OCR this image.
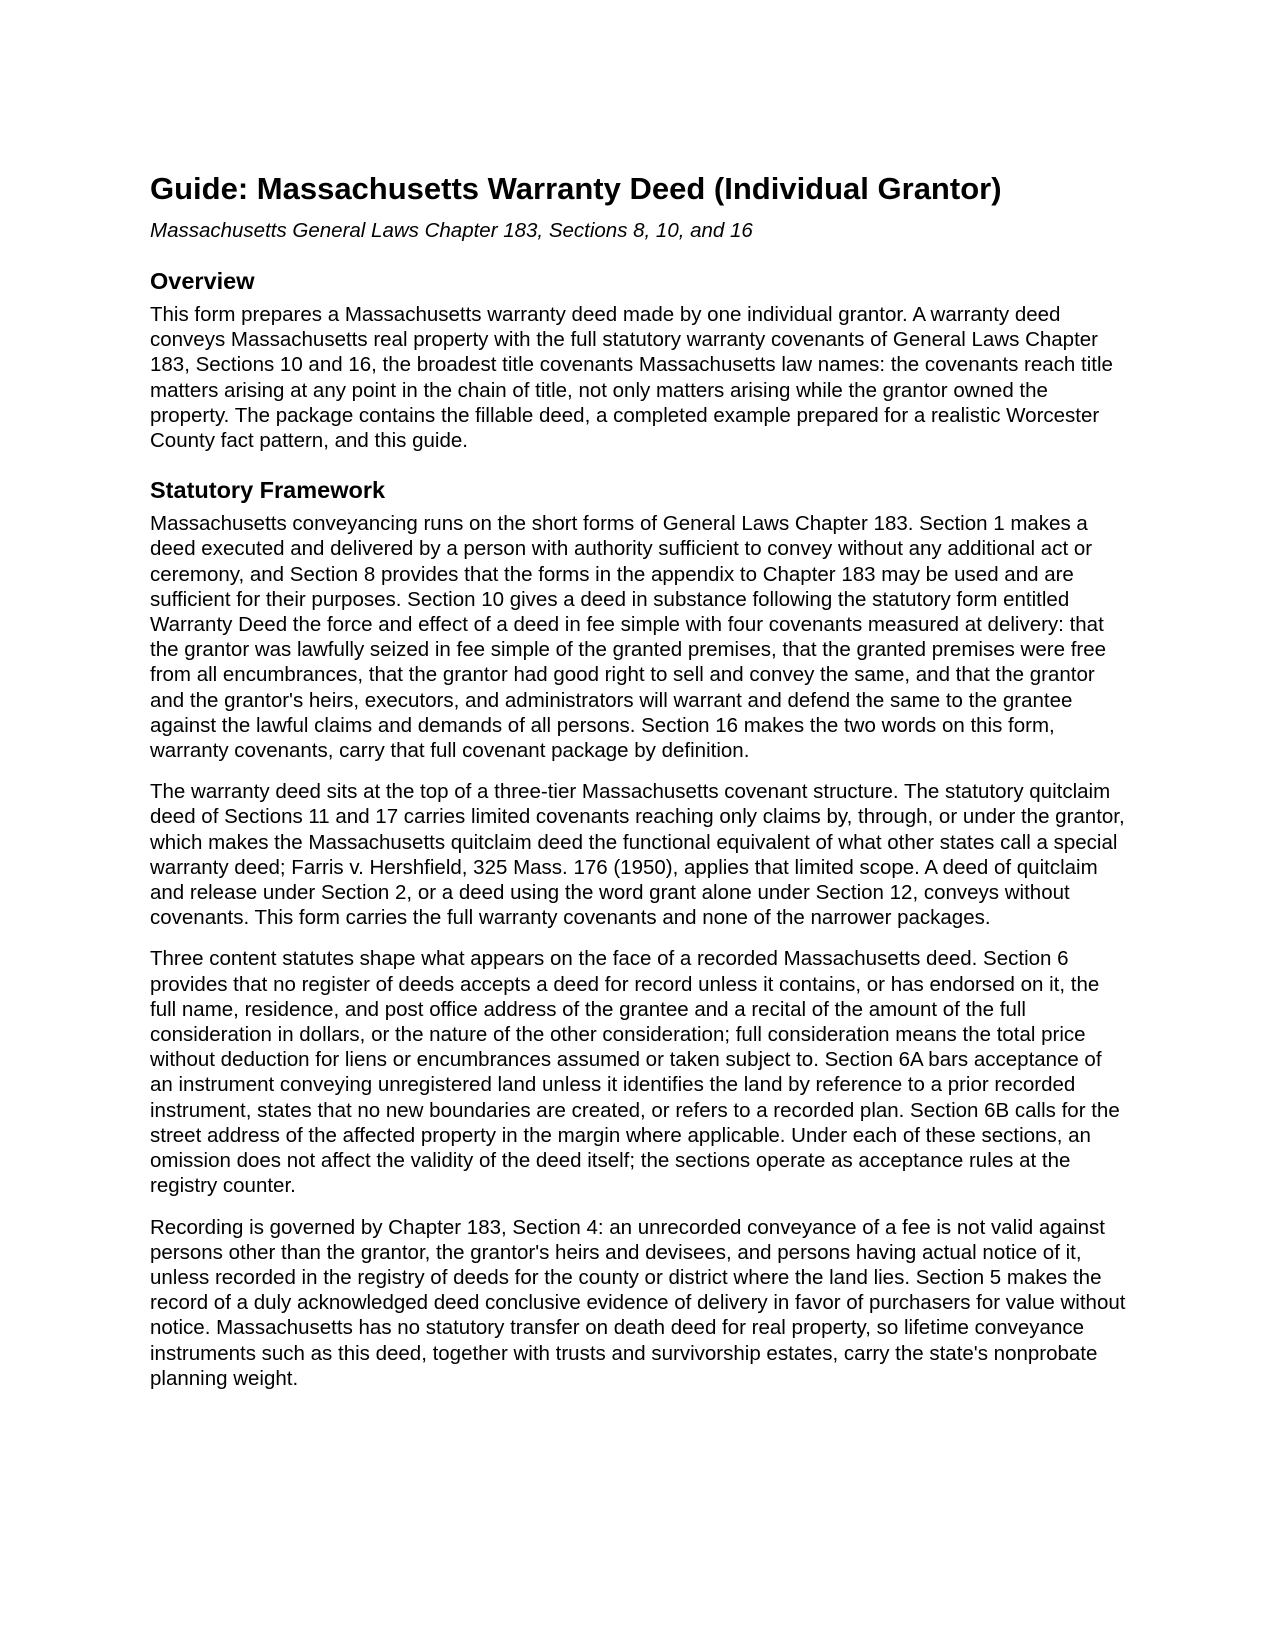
Guide: Massachusetts Warranty Deed (Individual Grantor)
Massachusetts General Laws Chapter 183, Sections 8, 10, and 16
Overview

This form prepares a Massachusetts warranty deed made by one individual grantor. A warranty deed conveys Massachusetts real property with the full statutory warranty covenants of General Laws Chapter 183, Sections 10 and 16, the broadest title covenants Massachusetts law names: the covenants reach title matters arising at any point in the chain of title, not only matters arising while the grantor owned the property. The package contains the fillable deed, a completed example prepared for a realistic Worcester County fact pattern, and this guide.

Statutory Framework

Massachusetts conveyancing runs on the short forms of General Laws Chapter 183. Section 1 makes a deed executed and delivered by a person with authority sufficient to convey without any additional act or ceremony, and Section 8 provides that the forms in the appendix to Chapter 183 may be used and are sufficient for their purposes. Section 10 gives a deed in substance following the statutory form entitled Warranty Deed the force and effect of a deed in fee simple with four covenants measured at delivery: that the grantor was lawfully seized in fee simple of the granted premises, that the granted premises were free from all encumbrances, that the grantor had good right to sell and convey the same, and that the grantor and the grantor's heirs, executors, and administrators will warrant and defend the same to the grantee against the lawful claims and demands of all persons. Section 16 makes the two words on this form, warranty covenants, carry that full covenant package by definition.

The warranty deed sits at the top of a three-tier Massachusetts covenant structure. The statutory quitclaim deed of Sections 11 and 17 carries limited covenants reaching only claims by, through, or under the grantor, which makes the Massachusetts quitclaim deed the functional equivalent of what other states call a special warranty deed; Farris v. Hershfield, 325 Mass. 176 (1950), applies that limited scope. A deed of quitclaim and release under Section 2, or a deed using the word grant alone under Section 12, conveys without covenants. This form carries the full warranty covenants and none of the narrower packages.

Three content statutes shape what appears on the face of a recorded Massachusetts deed. Section 6 provides that no register of deeds accepts a deed for record unless it contains, or has endorsed on it, the full name, residence, and post office address of the grantee and a recital of the amount of the full consideration in dollars, or the nature of the other consideration; full consideration means the total price without deduction for liens or encumbrances assumed or taken subject to. Section 6A bars acceptance of an instrument conveying unregistered land unless it identifies the land by reference to a prior recorded instrument, states that no new boundaries are created, or refers to a recorded plan. Section 6B calls for the street address of the affected property in the margin where applicable. Under each of these sections, an omission does not affect the validity of the deed itself; the sections operate as acceptance rules at the registry counter.

Recording is governed by Chapter 183, Section 4: an unrecorded conveyance of a fee is not valid against persons other than the grantor, the grantor's heirs and devisees, and persons having actual notice of it, unless recorded in the registry of deeds for the county or district where the land lies. Section 5 makes the record of a duly acknowledged deed conclusive evidence of delivery in favor of purchasers for value without notice. Massachusetts has no statutory transfer on death deed for real property, so lifetime conveyance instruments such as this deed, together with trusts and survivorship estates, carry the state's nonprobate planning weight.
